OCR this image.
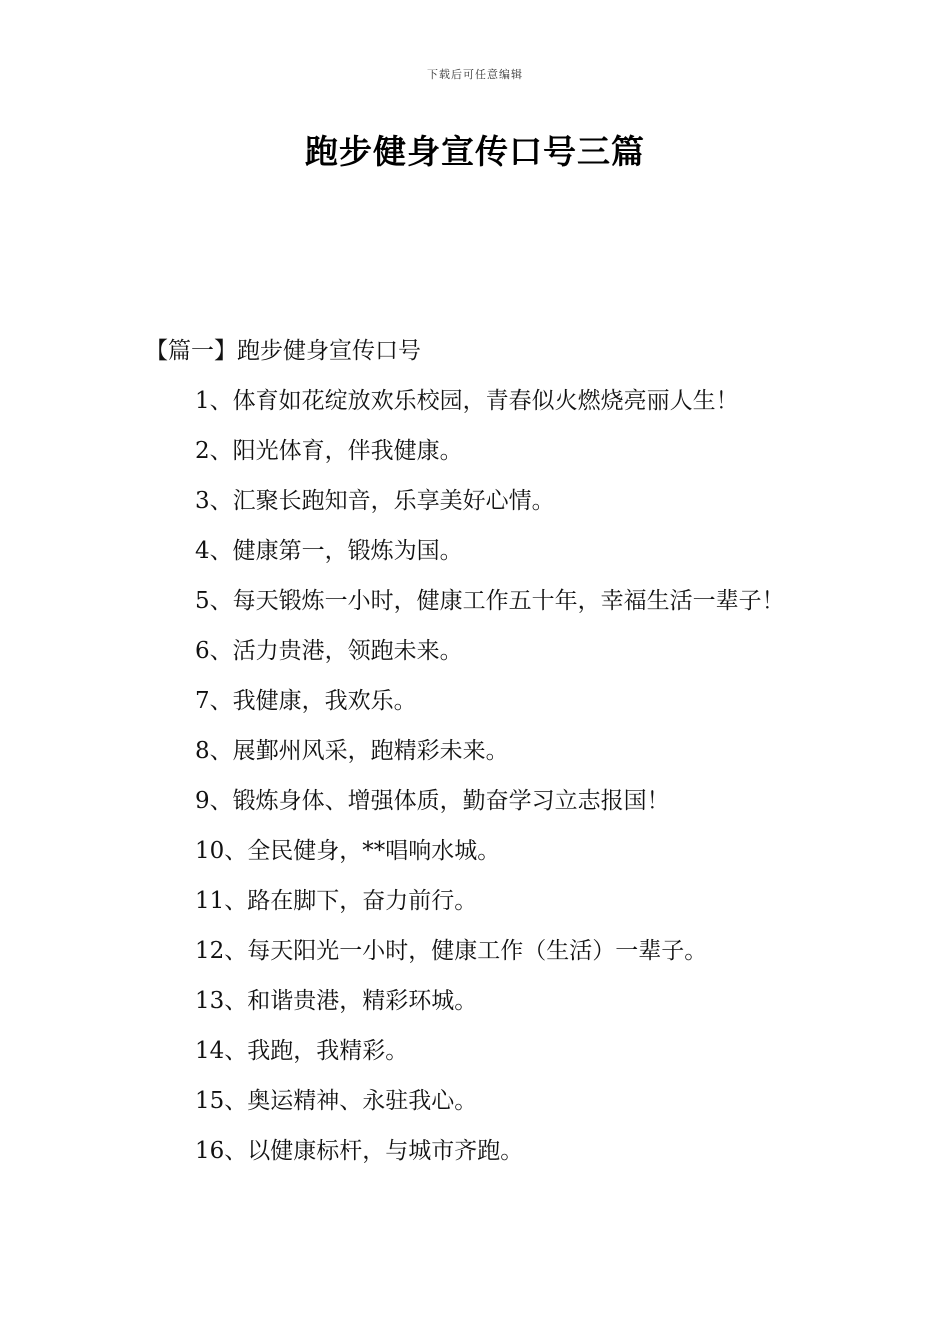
下载后可任意编辑
跑步健身宣传口号三篇

【篇一】跑步健身宣传口号

1、体育如花绽放欢乐校园，青春似火燃烧亮丽人生！

2、阳光体育，伴我健康。

3、汇聚长跑知音，乐享美好心情。

4、健康第一，锻炼为国。

5、每天锻炼一小时，健康工作五十年，幸福生活一辈子！

6、活力贵港，领跑未来。

7、我健康，我欢乐。

8、展鄞州风采，跑精彩未来。

9、锻炼身体、增强体质，勤奋学习立志报国！

10、全民健身，**唱响水城。

11、路在脚下，奋力前行。

12、每天阳光一小时，健康工作（生活）一辈子。

13、和谐贵港，精彩环城。

14、我跑，我精彩。

15、奥运精神、永驻我心。

16、以健康标杆，与城市齐跑。
